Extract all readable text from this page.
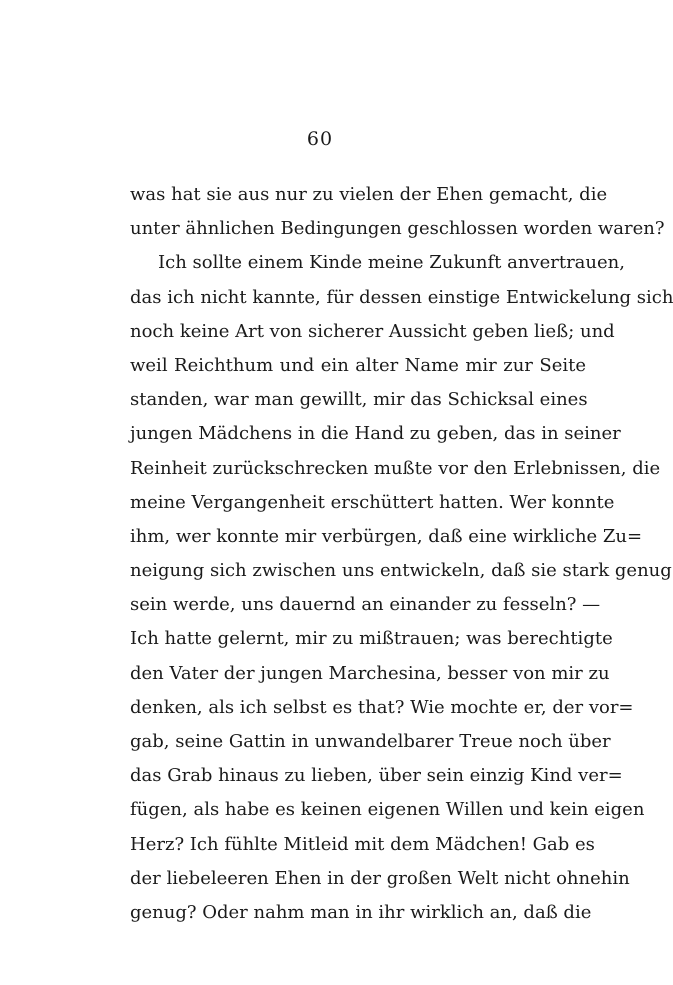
60
was hat sie aus nur zu vielen der Ehen gemacht, die
unter ähnlichen Bedingungen geschlossen worden waren?
Ich sollte einem Kinde meine Zukunft anvertrauen,
das ich nicht kannte, für dessen einstige Entwickelung sich
noch keine Art von sicherer Aussicht geben ließ; und
weil Reichthum und ein alter Name mir zur Seite
standen, war man gewillt, mir das Schicksal eines
jungen Mädchens in die Hand zu geben, das in seiner
Reinheit zurückschrecken mußte vor den Erlebnissen, die
meine Vergangenheit erschüttert hatten. Wer konnte
ihm, wer konnte mir verbürgen, daß eine wirkliche Zu=
neigung sich zwischen uns entwickeln, daß sie stark genug
sein werde, uns dauernd an einander zu fesseln? —
Ich hatte gelernt, mir zu mißtrauen; was berechtigte
den Vater der jungen Marchesina, besser von mir zu
denken, als ich selbst es that? Wie mochte er, der vor=
gab, seine Gattin in unwandelbarer Treue noch über
das Grab hinaus zu lieben, über sein einzig Kind ver=
fügen, als habe es keinen eigenen Willen und kein eigen
Herz? Ich fühlte Mitleid mit dem Mädchen! Gab es
der liebeleeren Ehen in der großen Welt nicht ohnehin
genug? Oder nahm man in ihr wirklich an, daß die
